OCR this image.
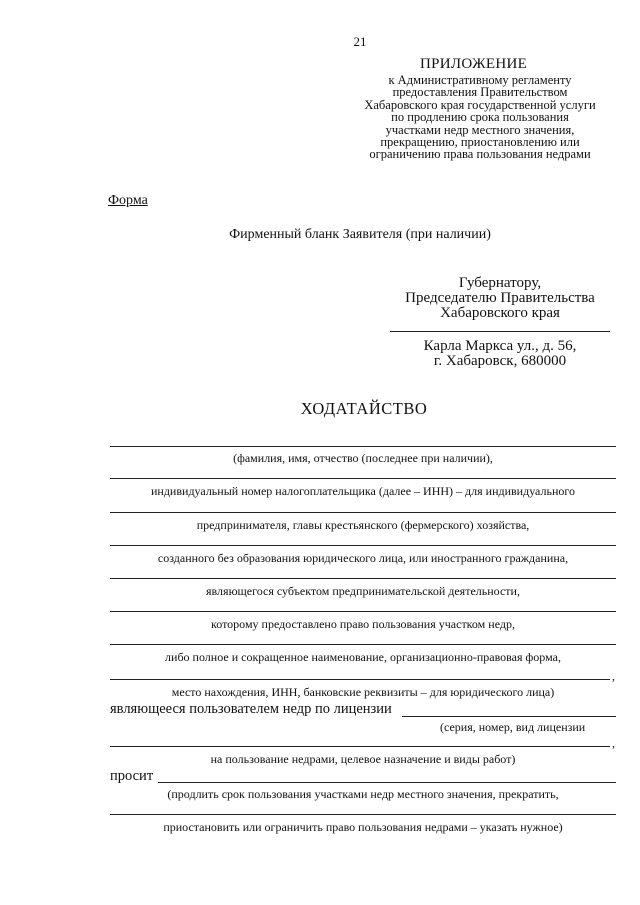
21
ПРИЛОЖЕНИЕ
к Административному регламенту
предоставления Правительством
Хабаровского края государственной услуги
по продлению срока пользования
участками недр местного значения,
прекращению, приостановлению или
ограничению права пользования недрами
Форма
Фирменный бланк Заявителя (при наличии)
Губернатору,
Председателю Правительства
Хабаровского края
Карла Маркса ул., д. 56,
г. Хабаровск, 680000
ХОДАТАЙСТВО
(фамилия, имя, отчество (последнее при наличии),
индивидуальный номер налогоплательщика (далее – ИНН) – для индивидуального
предпринимателя, главы крестьянского (фермерского) хозяйства,
созданного без образования юридического лица, или иностранного гражданина,
являющегося субъектом предпринимательской деятельности,
которому предоставлено право пользования участком недр,
либо полное и сокращенное наименование, организационно-правовая форма,
,
место нахождения, ИНН, банковские реквизиты – для юридического лица)
являющееся пользователем недр по лицензии
(серия, номер, вид лицензии
,
на пользование недрами, целевое назначение и виды работ)
просит
(продлить срок пользования участками недр местного значения, прекратить,
приостановить или ограничить право пользования недрами – указать нужное)
